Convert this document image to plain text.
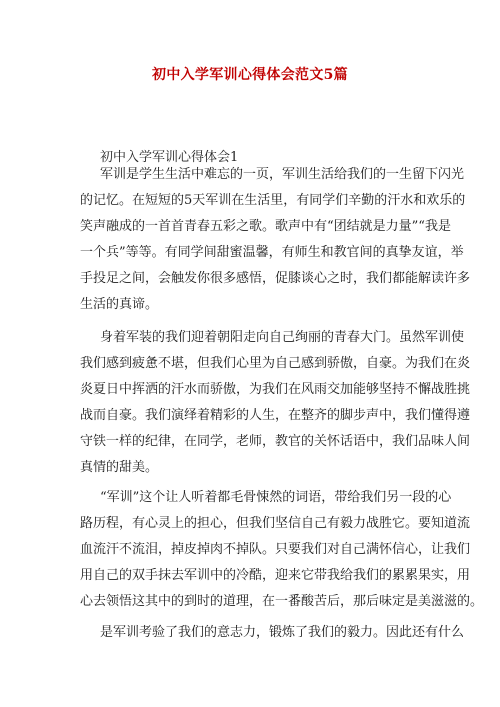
初中入学军训心得体会范文5篇
初中入学军训心得体会1
军训是学生生活中难忘的一页，军训生活给我们的一生留下闪光
的记忆。在短短的5天军训在生活里，有同学们辛勤的汗水和欢乐的
笑声融成的一首首青春五彩之歌。歌声中有“团结就是力量”“我是
一个兵”等等。有同学间甜蜜温馨，有师生和教官间的真挚友谊，举
手投足之间，会触发你很多感悟，促膝谈心之时，我们都能解读许多
生活的真谛。
身着军装的我们迎着朝阳走向自己绚丽的青春大门。虽然军训使
我们感到疲惫不堪，但我们心里为自己感到骄傲，自豪。为我们在炎
炎夏日中挥洒的汗水而骄傲，为我们在风雨交加能够坚持不懈战胜挑
战而自豪。我们演绎着精彩的人生，在整齐的脚步声中，我们懂得遵
守铁一样的纪律，在同学，老师，教官的关怀话语中，我们品味人间
真情的甜美。
“军训”这个让人听着都毛骨悚然的词语，带给我们另一段的心
路历程，有心灵上的担心，但我们坚信自己有毅力战胜它。要知道流
血流汗不流泪，掉皮掉肉不掉队。只要我们对自己满怀信心，让我们
用自己的双手抹去军训中的冷酷，迎来它带我给我们的累累果实，用
心去领悟这其中的到时的道理，在一番酸苦后，那后味定是美滋滋的。
是军训考验了我们的意志力，锻炼了我们的毅力。因此还有什么
